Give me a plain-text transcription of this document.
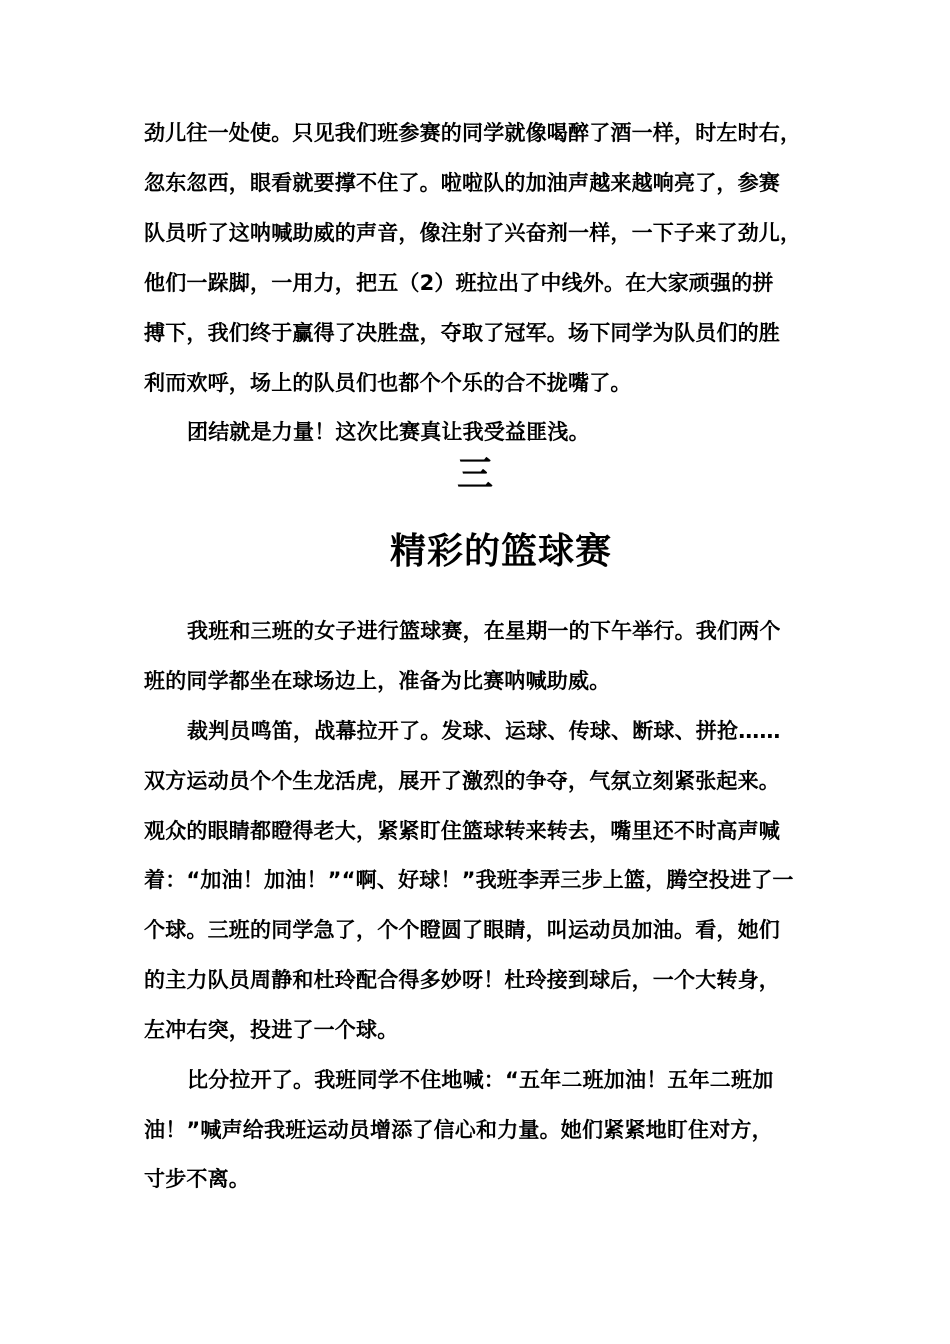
劲儿往一处使。只见我们班参赛的同学就像喝醉了酒一样，时左时右，
忽东忽西，眼看就要撑不住了。啦啦队的加油声越来越响亮了，参赛
队员听了这呐喊助威的声音，像注射了兴奋剂一样，一下子来了劲儿，
他们一跺脚，一用力，把五（2）班拉出了中线外。在大家顽强的拼
搏下，我们终于赢得了决胜盘，夺取了冠军。场下同学为队员们的胜
利而欢呼，场上的队员们也都个个乐的合不拢嘴了。
团结就是力量！这次比赛真让我受益匪浅。
三
精彩的篮球赛
我班和三班的女子进行篮球赛，在星期一的下午举行。我们两个
班的同学都坐在球场边上，准备为比赛呐喊助威。
裁判员鸣笛，战幕拉开了。发球、运球、传球、断球、拼抢……
双方运动员个个生龙活虎，展开了激烈的争夺，气氛立刻紧张起来。
观众的眼睛都瞪得老大，紧紧盯住篮球转来转去，嘴里还不时高声喊
着：“加油！加油！”“啊、好球！”我班李弄三步上篮，腾空投进了一
个球。三班的同学急了，个个瞪圆了眼睛，叫运动员加油。看，她们
的主力队员周静和杜玲配合得多妙呀！杜玲接到球后，一个大转身，
左冲右突，投进了一个球。
比分拉开了。我班同学不住地喊：“五年二班加油！五年二班加
油！”喊声给我班运动员增添了信心和力量。她们紧紧地盯住对方，
寸步不离。
